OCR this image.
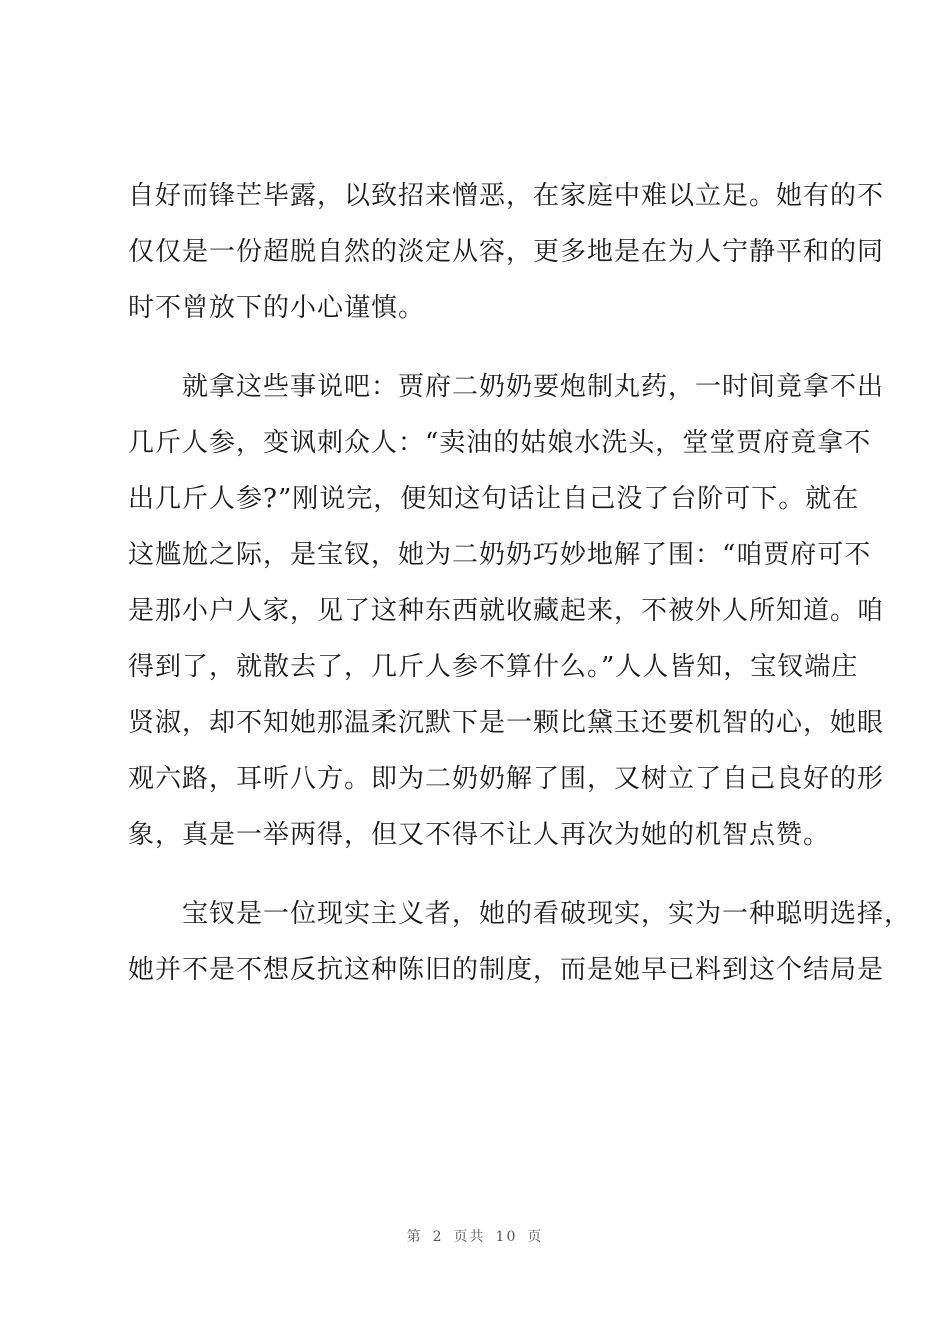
自好而锋芒毕露，以致招来憎恶，在家庭中难以立足。她有的不
仅仅是一份超脱自然的淡定从容，更多地是在为人宁静平和的同
时不曾放下的小心谨慎。
　　就拿这些事说吧：贾府二奶奶要炮制丸药，一时间竟拿不出
几斤人参，变讽刺众人：“卖油的姑娘水洗头，堂堂贾府竟拿不
出几斤人参?”刚说完，便知这句话让自己没了台阶可下。就在
这尴尬之际，是宝钗，她为二奶奶巧妙地解了围：“咱贾府可不
是那小户人家，见了这种东西就收藏起来，不被外人所知道。咱
得到了，就散去了，几斤人参不算什么。”人人皆知，宝钗端庄
贤淑，却不知她那温柔沉默下是一颗比黛玉还要机智的心，她眼
观六路，耳听八方。即为二奶奶解了围，又树立了自己良好的形
象，真是一举两得，但又不得不让人再次为她的机智点赞。
　　宝钗是一位现实主义者，她的看破现实，实为一种聪明选择，
她并不是不想反抗这种陈旧的制度，而是她早已料到这个结局是
第 2 页共 10 页
